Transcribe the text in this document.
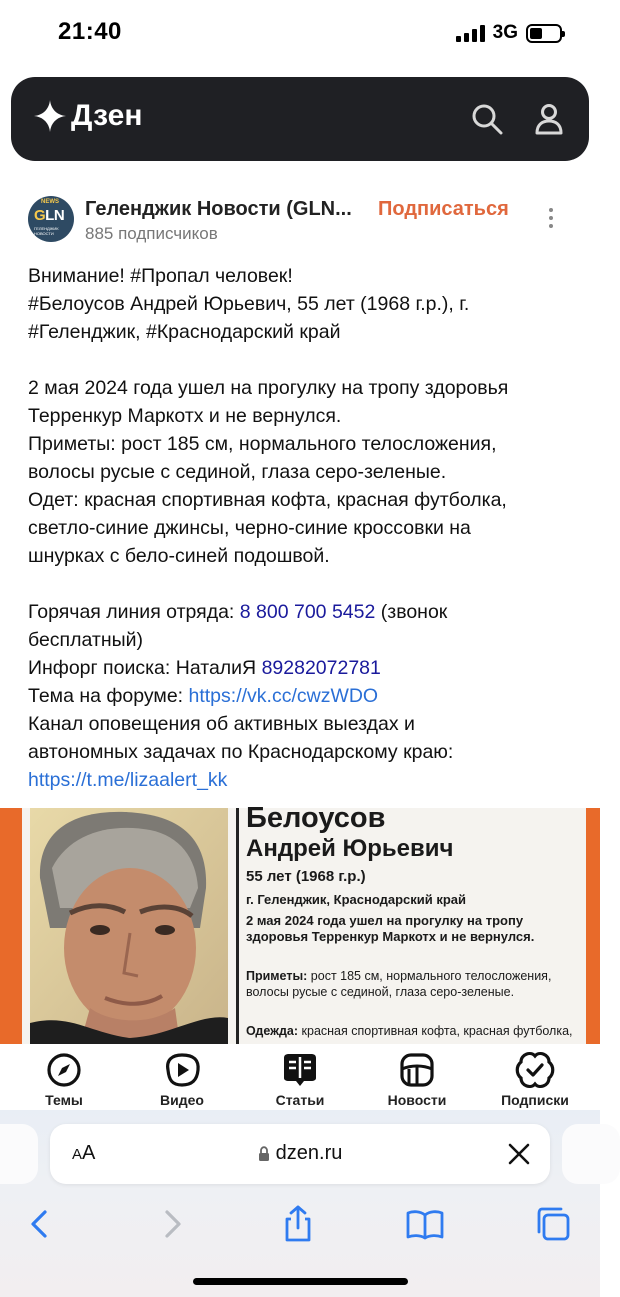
21:40	3G
Дзен
NEWS
GLN
ГЕЛЕНДЖИК
НОВОСТИ
Геленджик Новости (GLN...
885 подписчиков
Подписаться

Внимание! #Пропал человек!
#Белоусов Андрей Юрьевич, 55 лет (1968 г.р.), г.
#Геленджик, #Краснодарский край

2 мая 2024 года ушел на прогулку на тропу здоровья
Терренкур Маркотх и не вернулся.
Приметы: рост 185 см, нормального телосложения,
волосы русые с сединой, глаза серо-зеленые.
Одет: красная спортивная кофта, красная футболка,
светло-синие джинсы, черно-синие кроссовки на
шнурках с бело-синей подошвой.

Горячая линия отряда: 8 800 700 5452 (звонок
бесплатный)
Инфорг поиска: НаталиЯ 89282072781
Тема на форуме: https://vk.cc/cwzWDO
Канал оповещения об активных выездах и
автономных задачах по Краснодарскому краю:
https://t.me/lizaalert_kk

Белоусов
Андрей Юрьевич
55 лет (1968 г.р.)
г. Геленджик, Краснодарский край
2 мая 2024 года ушел на прогулку на тропу здоровья Терренкур Маркотх и не вернулся.
Приметы: рост 185 см, нормального телосложения, волосы русые с сединой, глаза серо-зеленые.
Одежда: красная спортивная кофта, красная футболка,
Темы	Видео	Статьи	Новости	Подписки
AA	dzen.ru
